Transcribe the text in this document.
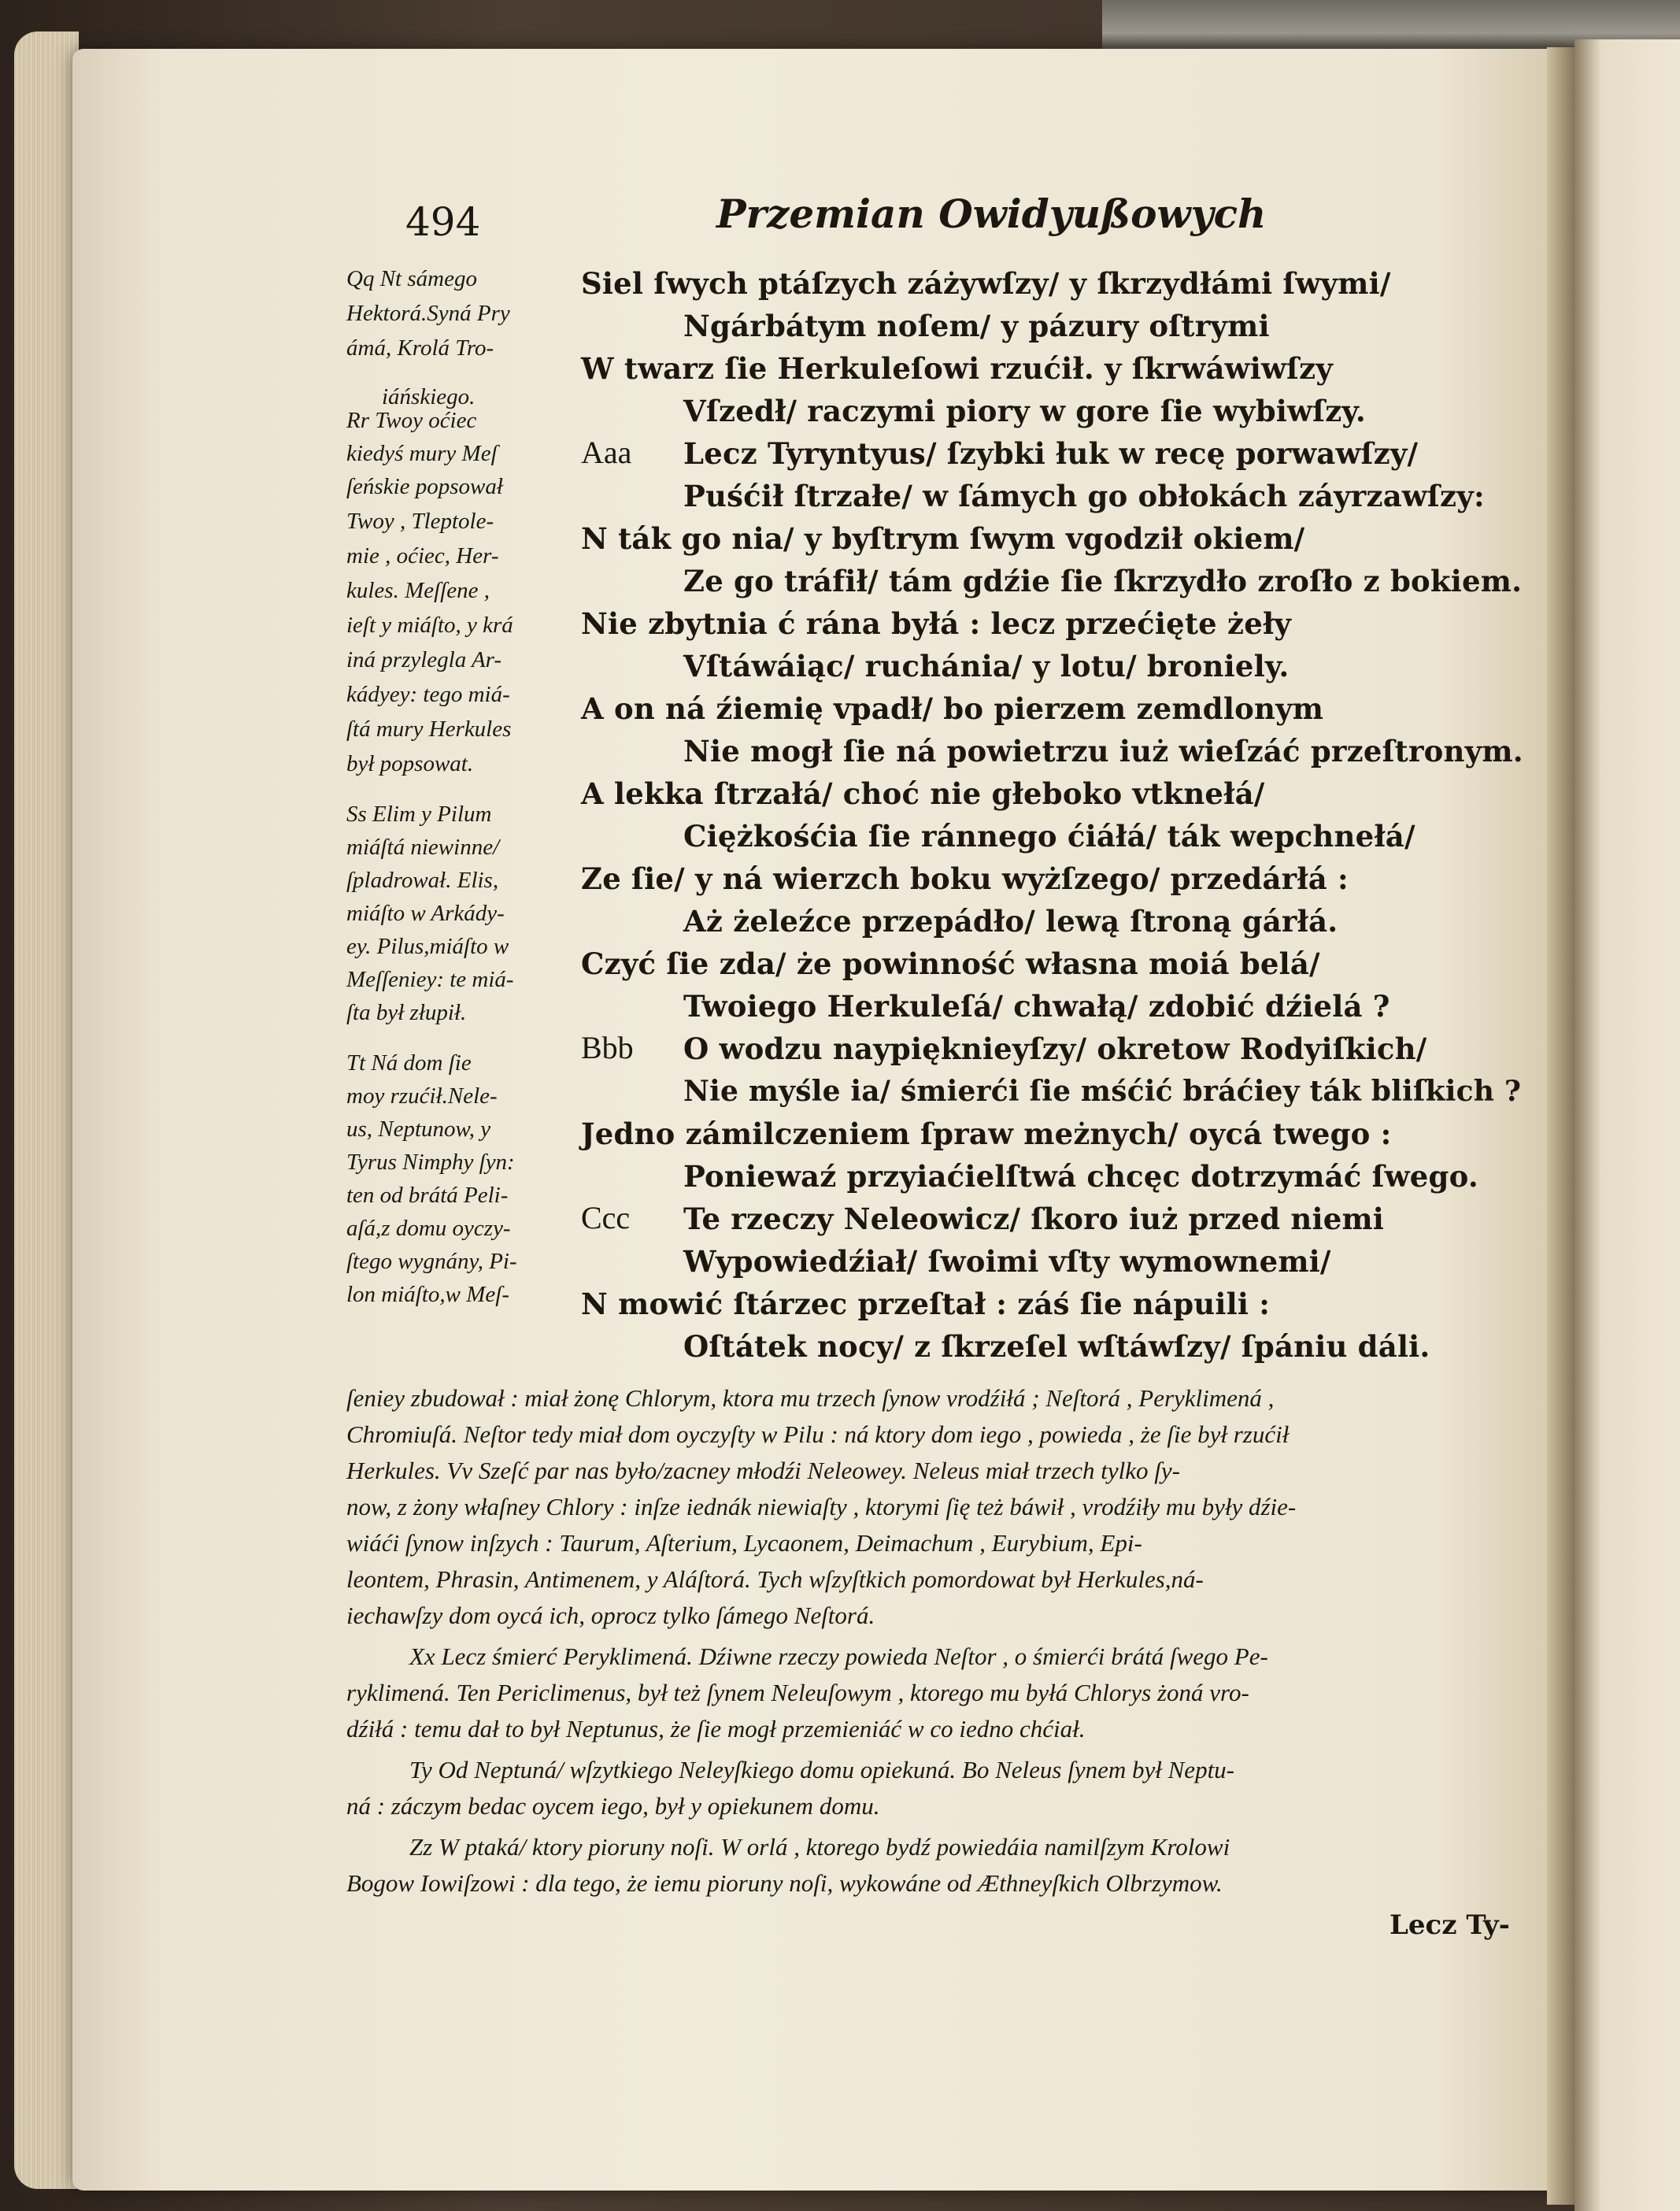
494	Przemian Owidyußowych
Qq Nt sámego
Hektorá.Syná Pry
ámá, Krolá Tro-
iáńskiego.
Rr Twoy oćiec
kiedyś mury Meſ
ſeńskie popsował
Twoy , Tleptole-
mie , oćiec, Her-
kules. Meſſene ,
ieſt y miáſto, y krá
iná przylegla Ar-
kádyey: tego miá-
ſtá mury Herkules
był popsowat.
Ss Elim y Pilum
miáſtá niewinne/
ſpladrował. Elis,
miáſto w Arkády-
ey. Pilus,miáſto w
Meſſeniey: te miá-
ſta był złupił.
Tt Ná dom ſie
moy rzućił.Nele-
us, Neptunow, y
Tyrus Nimphy ſyn:
ten od brátá Peli-
aſá,z domu oyczy-
ſtego wygnány, Pi-
lon miáſto,w Meſ-
Siel ſwych ptáſzych záżywſzy/ y ſkrzydłámi ſwymi/
Ngárbátym noſem/ y pázury oſtrymi
W twarz ſie Herkuleſowi rzućił. y ſkrwáwiwſzy
Vſzedł/ raczymi piory w gore ſie wybiwſzy.
Aaa Lecz Tyryntyus/ ſzybki łuk w recę porwawſzy/
Puśćił ſtrzałe/ w ſámych go obłokách záyrzawſzy:
N ták go nia/ y byſtrym ſwym vgodził okiem/
Ze go tráfił/ tám gdźie ſie ſkrzydło zroſło z bokiem.
Nie zbytnia ć rána byłá : lecz przećięte żeły
Vſtáwáiąc/ ruchánia/ y lotu/ broniely.
A on ná źiemię vpadł/ bo pierzem zemdlonym
Nie mogł ſie ná powietrzu iuż wieſzáć przeſtronym.
A lekka ſtrzałá/ choć nie głeboko vtknełá/
Ciężkośćia ſie ránnego ćiáłá/ ták wepchnełá/
Ze ſie/ y ná wierzch boku wyżſzego/ przedárłá :
Aż żeleźce przepádło/ lewą ſtroną gárłá.
Czyć ſie zda/ że powinność własna moiá belá/
Twoiego Herkuleſá/ chwałą/ zdobić dźielá ?
Bbb O wodzu naypięknieyſzy/ okretow Rodyiſkich/
Nie myśle ia/ śmierći ſie mśćić bráćiey ták bliſkich ?
Jedno zámilczeniem ſpraw meżnych/ oycá twego :
Poniewaź przyiaćielſtwá chcęc dotrzymáć ſwego.
Ccc Te rzeczy Neleowicz/ ſkoro iuż przed niemi
Wypowiedźiał/ ſwoimi vſty wymownemi/
N mowić ſtárzec przeſtał : záś ſie nápuili :
Oſtátek nocy/ z ſkrzeſel wſtáwſzy/ ſpániu dáli.
ſeniey zbudował : miał żonę Chlorym, ktora mu trzech ſynow vrodźiłá ; Neſtorá , Peryklimená ,
Chromiuſá. Neſtor tedy miał dom oyczyſty w Pilu : ná ktory dom iego , powieda , że ſie był rzućił
Herkules. Vv Szeſć par nas było/zacney młodźi Neleowey. Neleus miał trzech tylko ſy-
now, z żony właſney Chlory : inſze iednák niewiaſty , ktorymi ſię też báwił , vrodźiły mu były dźie-
wiáći ſynow inſzych : Taurum, Aſterium, Lycaonem, Deimachum , Eurybium, Epi-
leontem, Phrasin, Antimenem, y Aláſtorá. Tych wſzyſtkich pomordowat był Herkules,ná-
iechawſzy dom oycá ich, oprocz tylko ſámego Neſtorá.
Xx Lecz śmierć Peryklimená. Dźiwne rzeczy powieda Neſtor , o śmierći brátá ſwego Pe-
ryklimená. Ten Periclimenus, był też ſynem Neleuſowym , ktorego mu byłá Chlorys żoná vro-
dźiłá : temu dał to był Neptunus, że ſie mogł przemieniáć w co iedno chćiał.
Ty Od Neptuná/ wſzytkiego Neleyſkiego domu opiekuná. Bo Neleus ſynem był Neptu-
ná : záczym bedac oycem iego, był y opiekunem domu.
Zz W ptaká/ ktory pioruny noſi. W orlá , ktorego bydź powiedáia namilſzym Krolowi
Bogow Iowiſzowi : dla tego, że iemu pioruny noſi, wykowáne od Æthneyſkich Olbrzymow.
Lecz Ty-
